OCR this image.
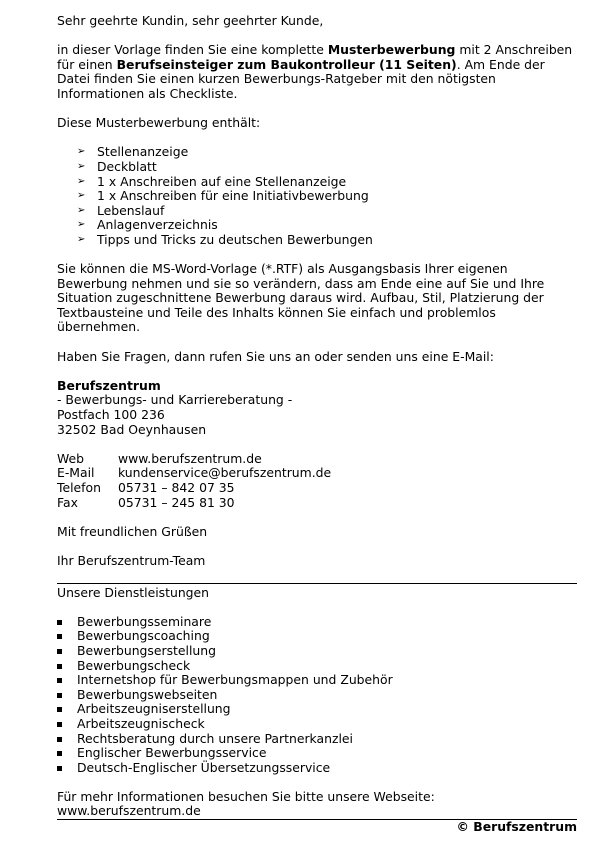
Sehr geehrte Kundin, sehr geehrter Kunde,

in dieser Vorlage finden Sie eine komplette Musterbewerbung mit 2 Anschreiben für einen Berufseinsteiger zum Baukontrolleur (11 Seiten). Am Ende der Datei finden Sie einen kurzen Bewerbungs-Ratgeber mit den nötigsten Informationen als Checkliste.

Diese Musterbewerbung enthält:

➢ Stellenanzeige
➢ Deckblatt
➢ 1 x Anschreiben auf eine Stellenanzeige
➢ 1 x Anschreiben für eine Initiativbewerbung
➢ Lebenslauf
➢ Anlagenverzeichnis
➢ Tipps und Tricks zu deutschen Bewerbungen

Sie können die MS-Word-Vorlage (*.RTF) als Ausgangsbasis Ihrer eigenen Bewerbung nehmen und sie so verändern, dass am Ende eine auf Sie und Ihre Situation zugeschnittene Bewerbung daraus wird. Aufbau, Stil, Platzierung der Textbausteine und Teile des Inhalts können Sie einfach und problemlos übernehmen.

Haben Sie Fragen, dann rufen Sie uns an oder senden uns eine E-Mail:

Berufszentrum

- Bewerbungs- und Karriereberatung -

Postfach 100 236

32502 Bad Oeynhausen

Web	www.berufszentrum.de
E-Mail	kundenservice@berufszentrum.de
Telefon	05731 – 842 07 35
Fax	05731 – 245 81 30

Mit freundlichen Grüßen

Ihr Berufszentrum-Team

Unsere Dienstleistungen

Bewerbungsseminare
Bewerbungscoaching
Bewerbungserstellung
Bewerbungscheck
Internetshop für Bewerbungsmappen und Zubehör
Bewerbungswebseiten
Arbeitszeugniserstellung
Arbeitszeugnischeck
Rechtsberatung durch unsere Partnerkanzlei
Englischer Bewerbungsservice
Deutsch-Englischer Übersetzungsservice

Für mehr Informationen besuchen Sie bitte unsere Webseite: www.berufszentrum.de

© Berufszentrum
